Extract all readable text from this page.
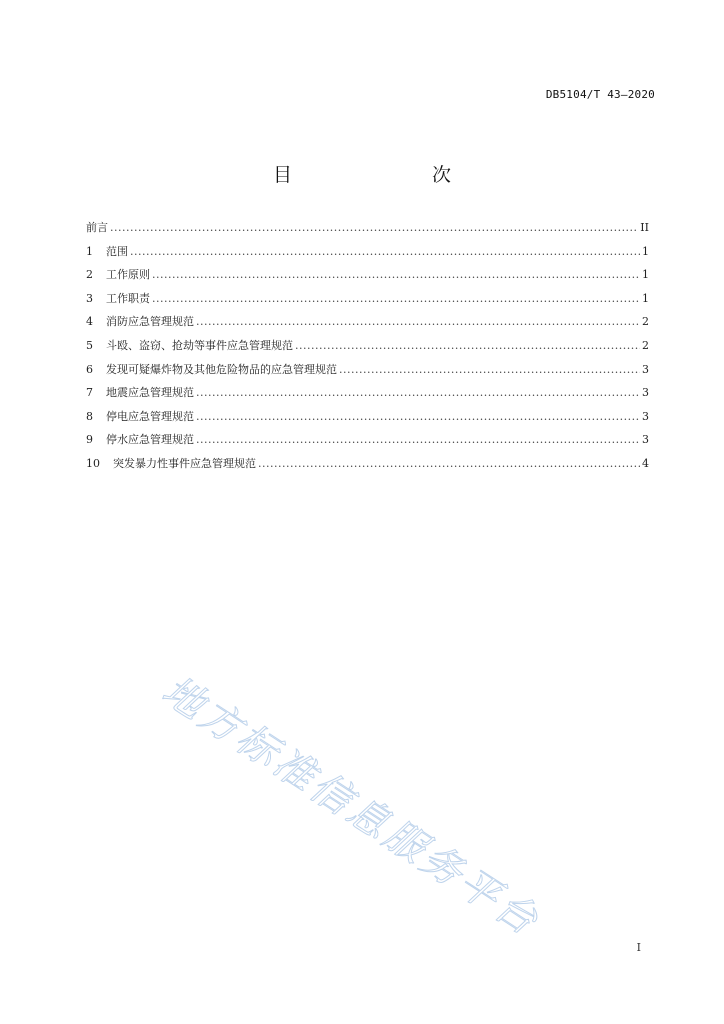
DB5104/T 43—2020
目　　次
前言 .....	II
1	范围 .....	1
2	工作原则 .....	1
3	工作职责 .....	1
4	消防应急管理规范 .....	2
5	斗殴、盗窃、抢劫等事件应急管理规范 .....	2
6	发现可疑爆炸物及其他危险物品的应急管理规范 .....	3
7	地震应急管理规范 .....	3
8	停电应急管理规范 .....	3
9	停水应急管理规范 .....	3
10	突发暴力性事件应急管理规范 .....	4
地方标准信息服务平台
I
